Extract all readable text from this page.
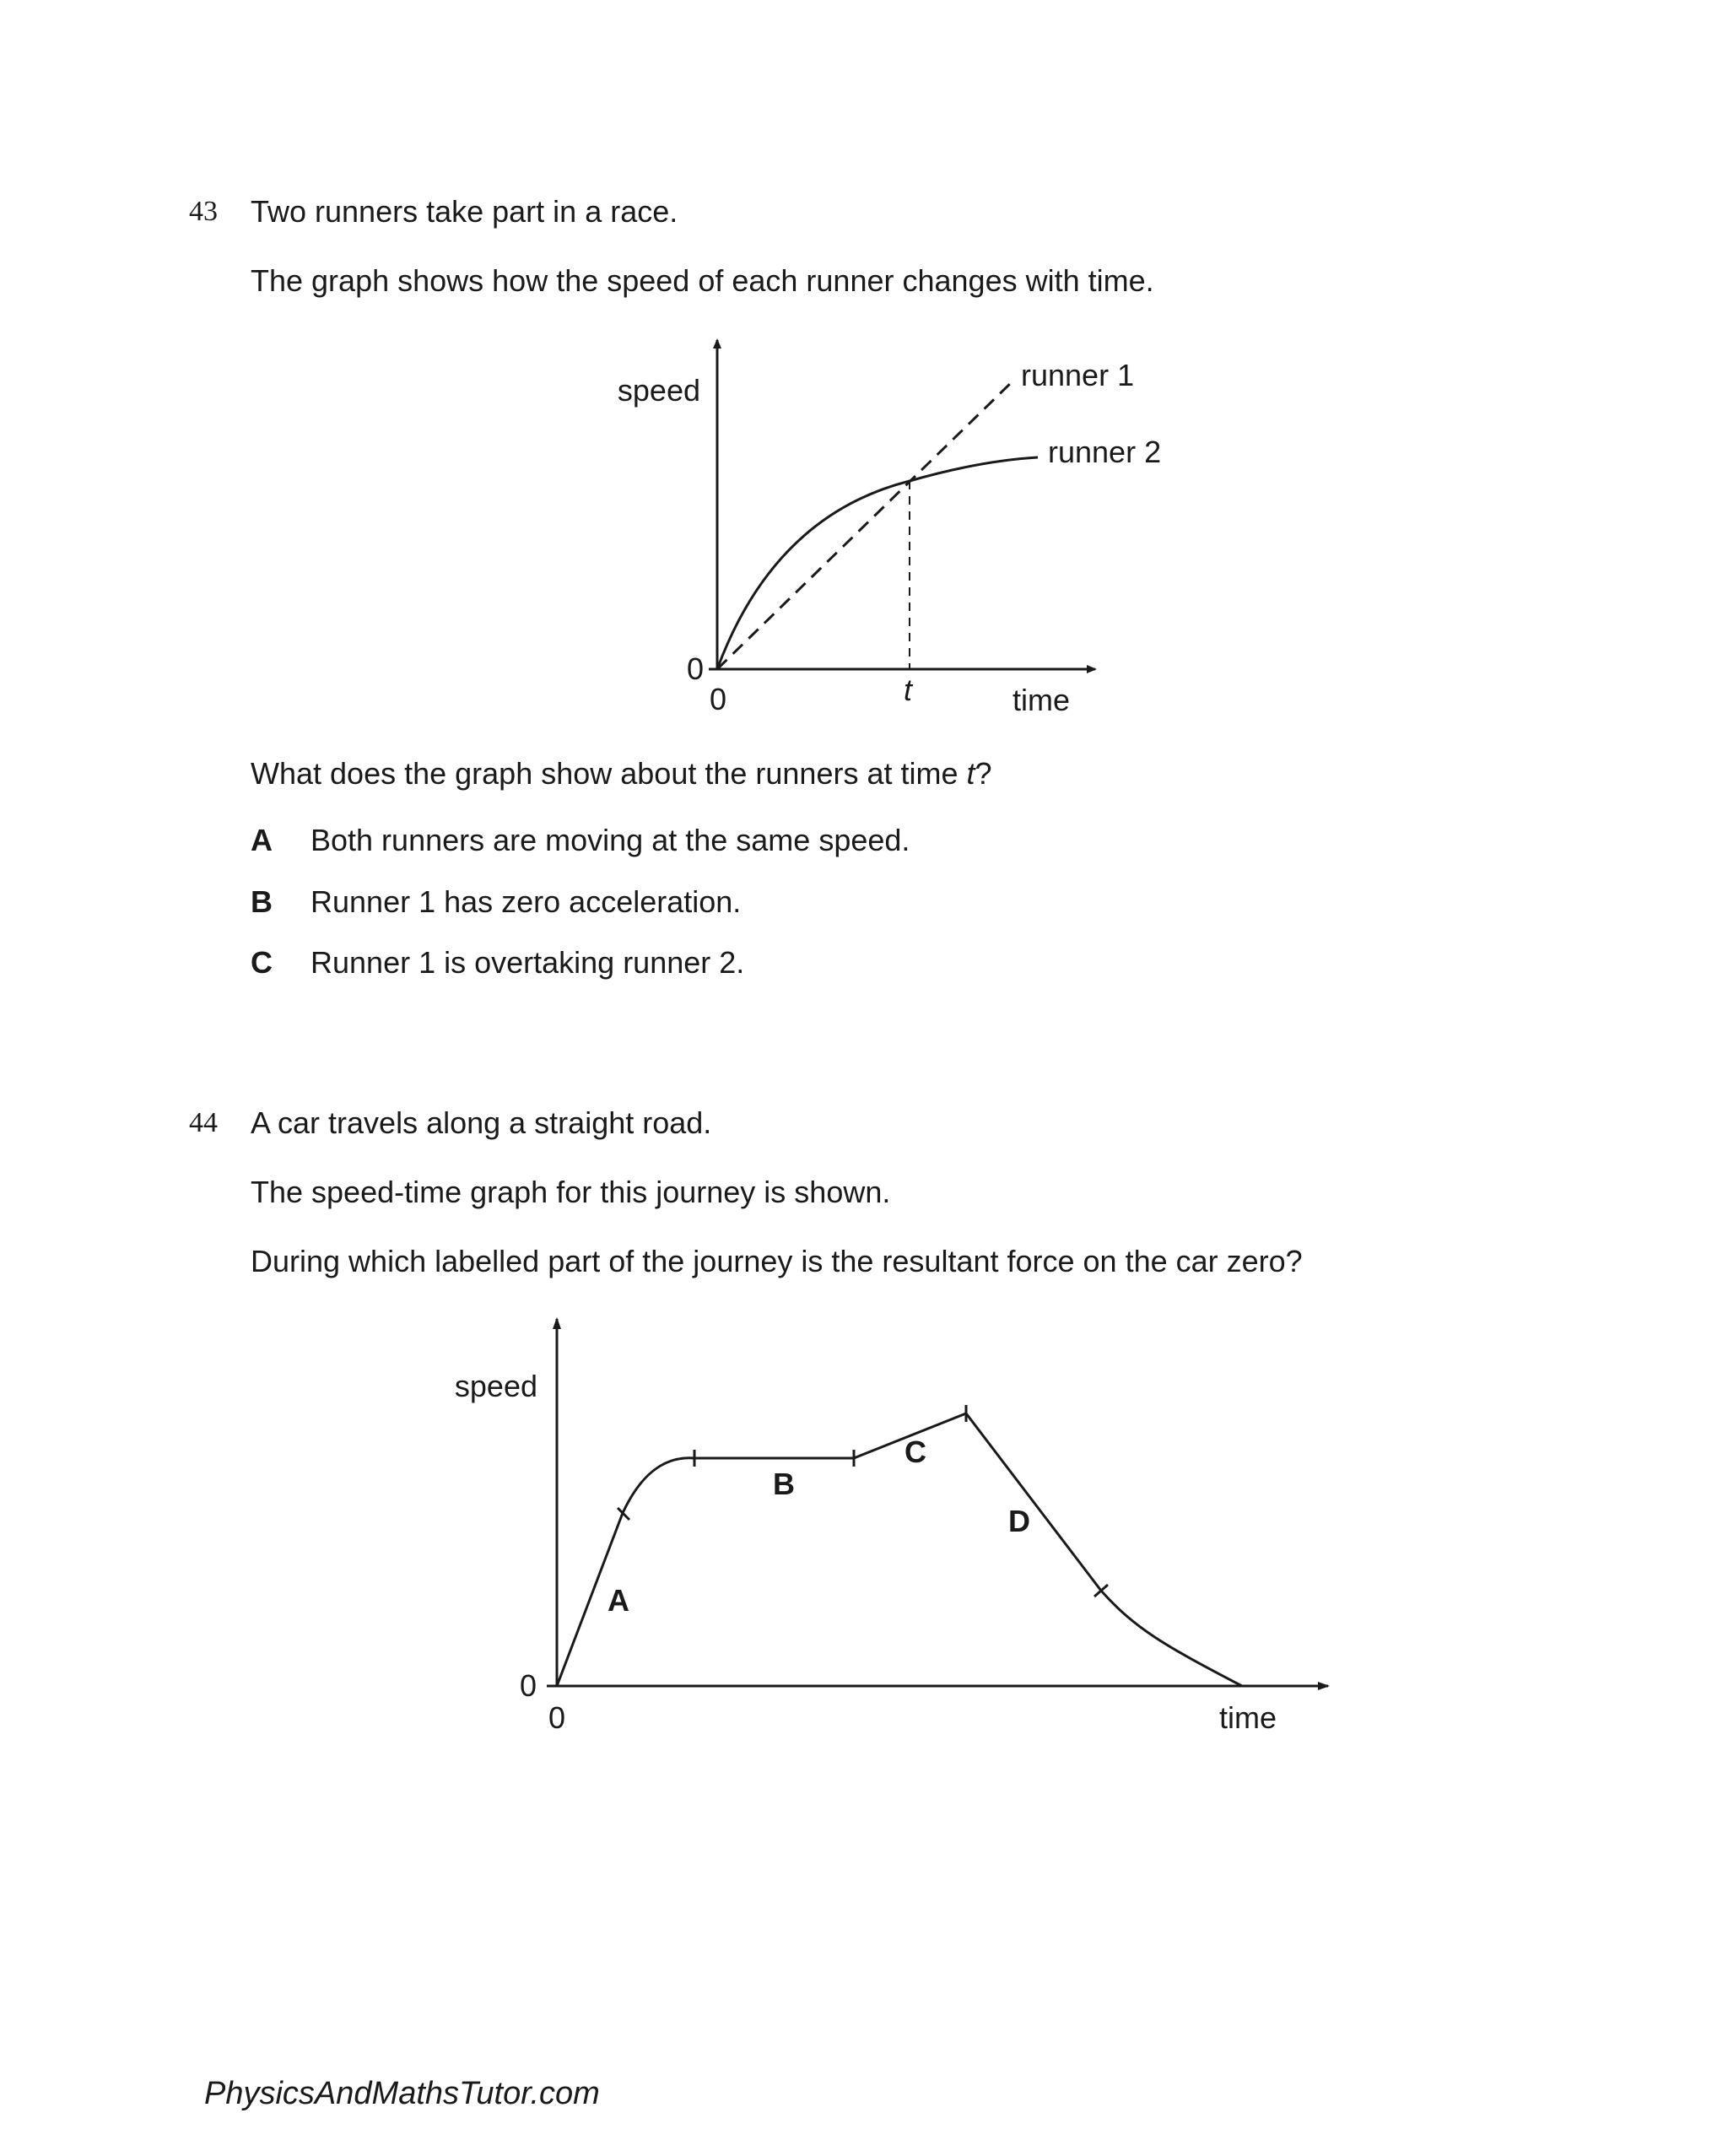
43 Two runners take part in a race.
The graph shows how the speed of each runner changes with time.
speed
0
0	t	time
runner 1
runner 2
What does the graph show about the runners at time t?
A Both runners are moving at the same speed.
B Runner 1 has zero acceleration.
C Runner 1 is overtaking runner 2.
44 A car travels along a straight road.
The speed-time graph for this journey is shown.
During which labelled part of the journey is the resultant force on the car zero?
A
B
C
D
speed
0
0	time
PhysicsAndMathsTutor.com
